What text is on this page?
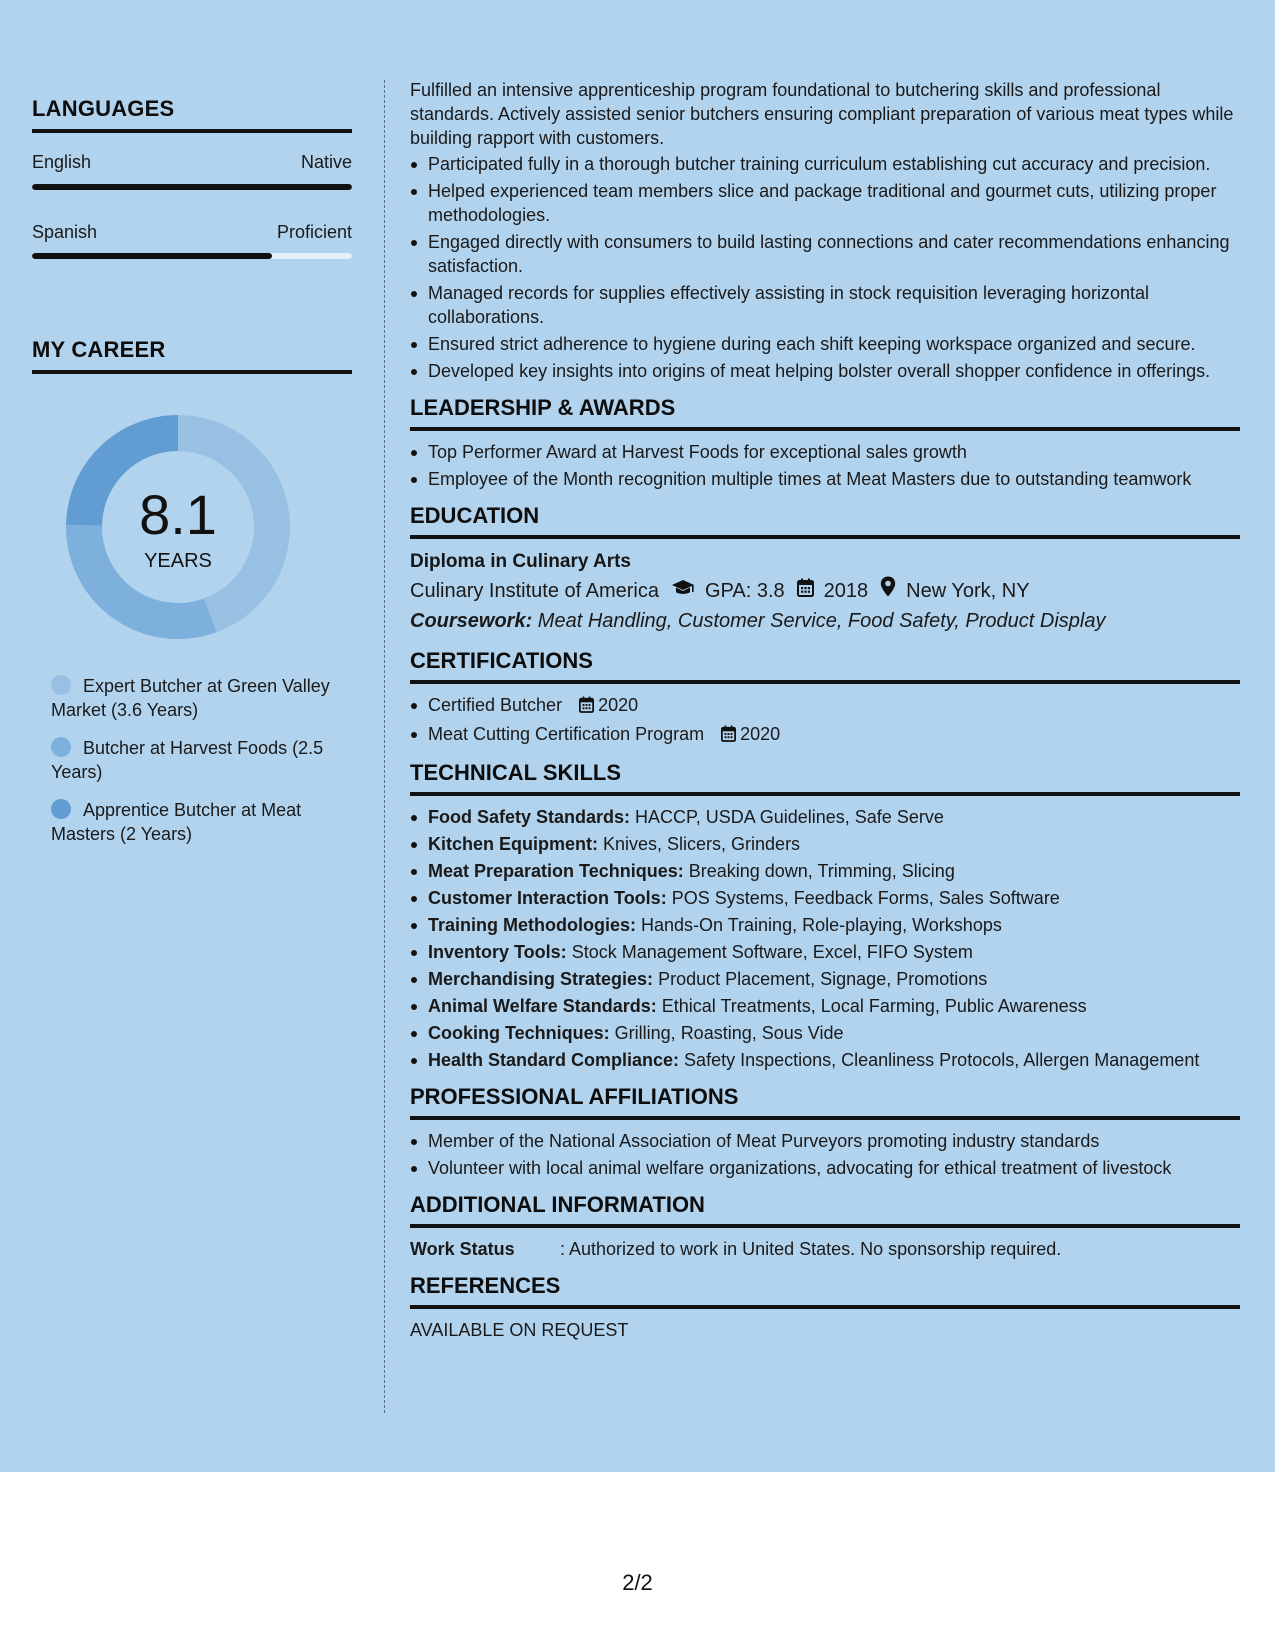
LANGUAGES
English	Native
Spanish	Proficient
MY CAREER
8.1
YEARS
Expert Butcher at Green Valley Market (3.6 Years)
Butcher at Harvest Foods (2.5 Years)
Apprentice Butcher at Meat Masters (2 Years)

Fulfilled an intensive apprenticeship program foundational to butchering skills and professional standards. Actively assisted senior butchers ensuring compliant preparation of various meat types while building rapport with customers.

Participated fully in a thorough butcher training curriculum establishing cut accuracy and precision.
Helped experienced team members slice and package traditional and gourmet cuts, utilizing proper methodologies.
Engaged directly with consumers to build lasting connections and cater recommendations enhancing satisfaction.
Managed records for supplies effectively assisting in stock requisition leveraging horizontal collaborations.
Ensured strict adherence to hygiene during each shift keeping workspace organized and secure.
Developed key insights into origins of meat helping bolster overall shopper confidence in offerings.
LEADERSHIP & AWARDS
Top Performer Award at Harvest Foods for exceptional sales growth
Employee of the Month recognition multiple times at Meat Masters due to outstanding teamwork
EDUCATION
Diploma in Culinary Arts
Culinary Institute of America GPA: 3.8 2018 New York, NY
Coursework: Meat Handling, Customer Service, Food Safety, Product Display
CERTIFICATIONS
Certified Butcher 2020
Meat Cutting Certification Program 2020
TECHNICAL SKILLS
Food Safety Standards: HACCP, USDA Guidelines, Safe Serve
Kitchen Equipment: Knives, Slicers, Grinders
Meat Preparation Techniques: Breaking down, Trimming, Slicing
Customer Interaction Tools: POS Systems, Feedback Forms, Sales Software
Training Methodologies: Hands-On Training, Role-playing, Workshops
Inventory Tools: Stock Management Software, Excel, FIFO System
Merchandising Strategies: Product Placement, Signage, Promotions
Animal Welfare Standards: Ethical Treatments, Local Farming, Public Awareness
Cooking Techniques: Grilling, Roasting, Sous Vide
Health Standard Compliance: Safety Inspections, Cleanliness Protocols, Allergen Management
PROFESSIONAL AFFILIATIONS
Member of the National Association of Meat Purveyors promoting industry standards
Volunteer with local animal welfare organizations, advocating for ethical treatment of livestock
ADDITIONAL INFORMATION
Work Status	: Authorized to work in United States. No sponsorship required.
REFERENCES
AVAILABLE ON REQUEST
2/2
